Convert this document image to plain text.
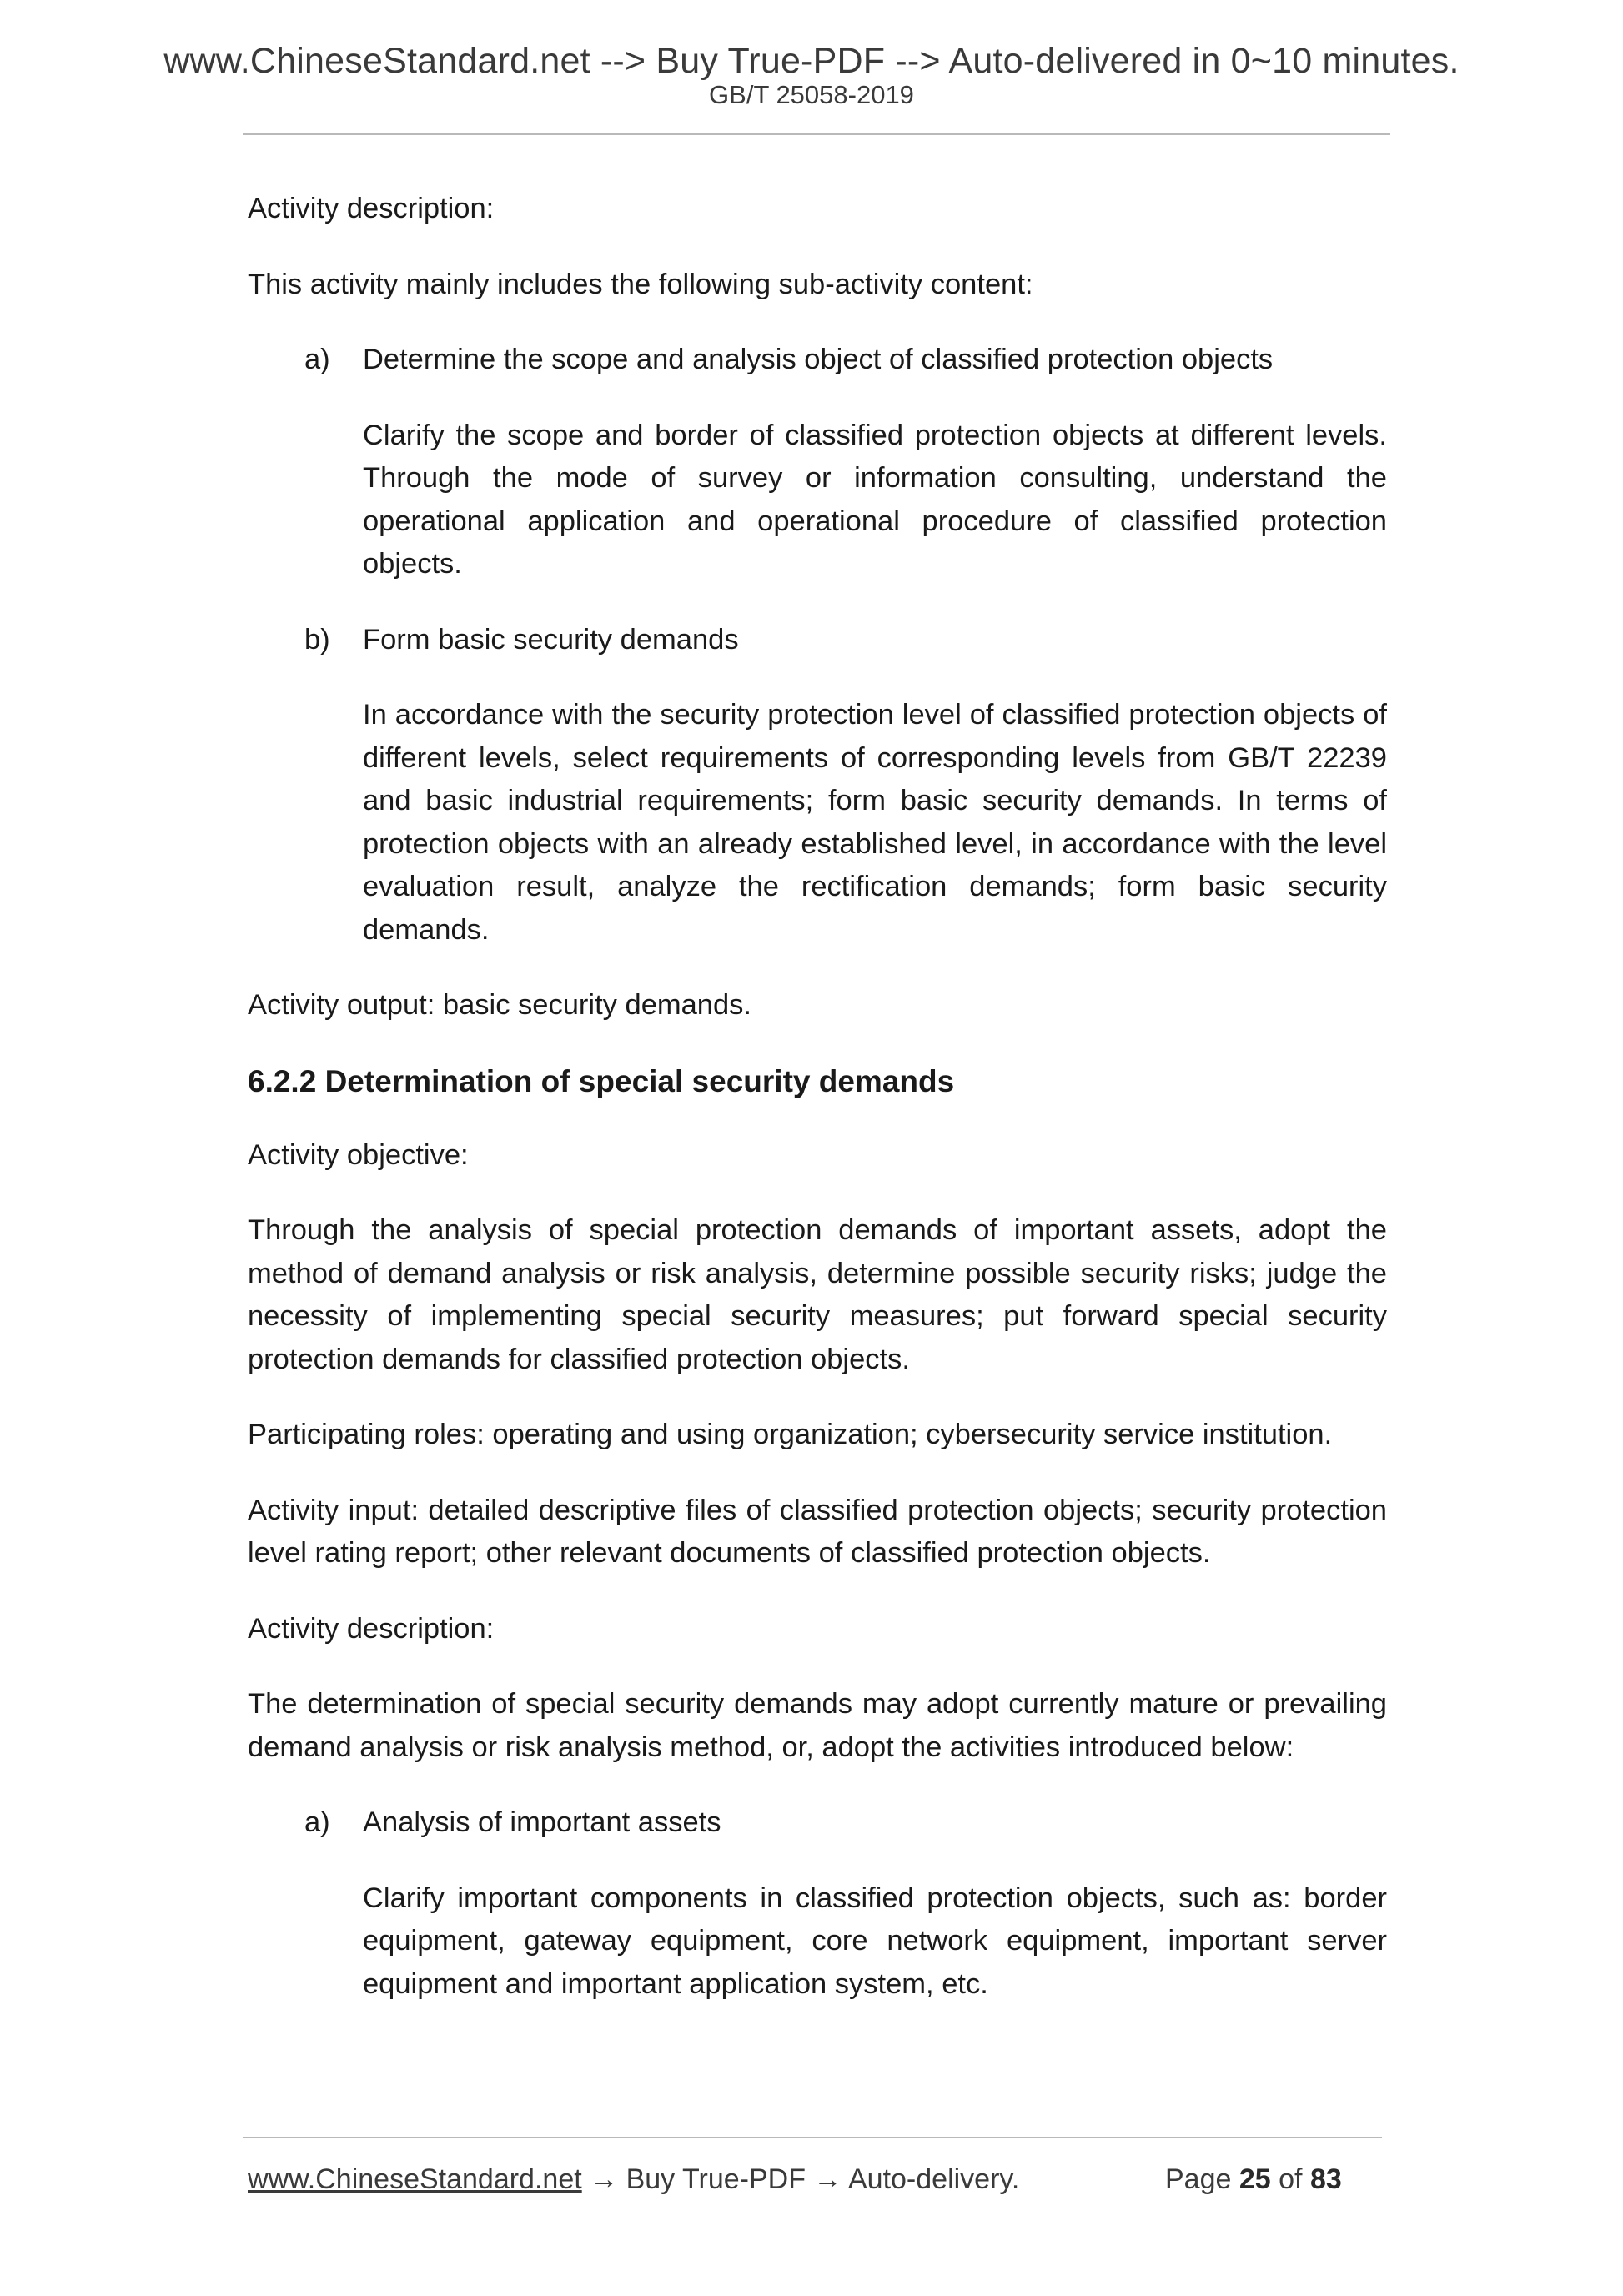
www.ChineseStandard.net --> Buy True-PDF --> Auto-delivered in 0~10 minutes.
GB/T 25058-2019

Activity description:

This activity mainly includes the following sub-activity content:

a) Determine the scope and analysis object of classified protection objects
Clarify the scope and border of classified protection objects at different levels. Through the mode of survey or information consulting, understand the operational application and operational procedure of classified protection objects.
b) Form basic security demands
In accordance with the security protection level of classified protection objects of different levels, select requirements of corresponding levels from GB/T 22239 and basic industrial requirements; form basic security demands. In terms of protection objects with an already established level, in accordance with the level evaluation result, analyze the rectification demands; form basic security demands.

Activity output: basic security demands.

6.2.2 Determination of special security demands

Activity objective:

Through the analysis of special protection demands of important assets, adopt the method of demand analysis or risk analysis, determine possible security risks; judge the necessity of implementing special security measures; put forward special security protection demands for classified protection objects.

Participating roles: operating and using organization; cybersecurity service institution.

Activity input: detailed descriptive files of classified protection objects; security protection level rating report; other relevant documents of classified protection objects.

Activity description:

The determination of special security demands may adopt currently mature or prevailing demand analysis or risk analysis method, or, adopt the activities introduced below:

a) Analysis of important assets
Clarify important components in classified protection objects, such as: border equipment, gateway equipment, core network equipment, important server equipment and important application system, etc.
www.ChineseStandard.net → Buy True-PDF → Auto-delivery.	Page 25 of 83
